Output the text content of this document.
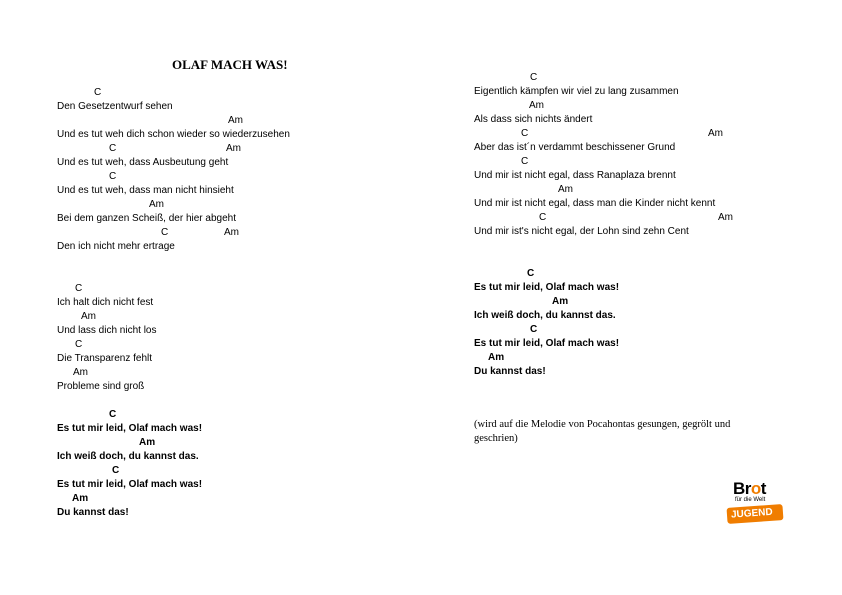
OLAF MACH WAS!
C
Den Gesetzentwurf sehen
Am
Und es tut weh dich schon wieder so wiederzusehen
C	Am
Und es tut weh, dass Ausbeutung geht
C
Und es tut weh, dass man nicht hinsieht
Am
Bei dem ganzen Scheiß, der hier abgeht
C	Am
Den ich nicht mehr ertrage
C
Ich halt dich nicht fest
Am
Und lass dich nicht los
C
Die Transparenz fehlt
Am
Probleme sind groß
C
Es tut mir leid, Olaf mach was!
Am
Ich weiß doch, du kannst das.
C
Es tut mir leid, Olaf mach was!
Am
Du kannst das!
C
Eigentlich kämpfen wir viel zu lang zusammen
Am
Als dass sich nichts ändert
C	Am
Aber das ist´n verdammt beschissener Grund
C
Und mir ist nicht egal, dass Ranaplaza brennt
Am
Und mir ist nicht egal, dass man die Kinder nicht kennt
C	Am
Und mir ist's nicht egal, der Lohn sind zehn Cent
C
Es tut mir leid, Olaf mach was!
Am
Ich weiß doch, du kannst das.
C
Es tut mir leid, Olaf mach was!
Am
Du kannst das!
(wird auf die Melodie von Pocahontas gesungen, gegrölt und geschrien)
Brot
für die Welt
JUGEND
